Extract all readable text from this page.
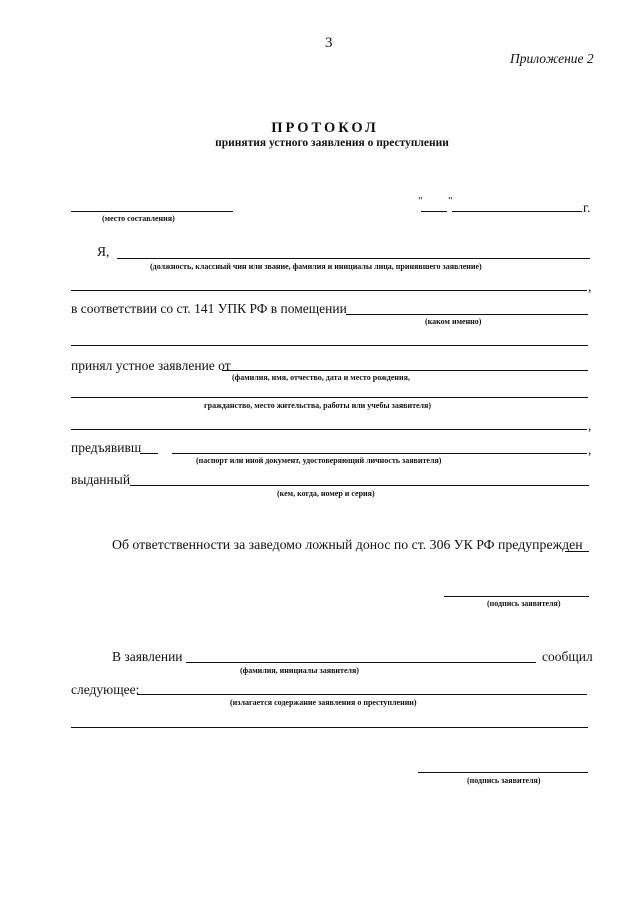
3
Приложение 2
ПРОТОКОЛ
принятия устного заявления о преступлении
(место составления)
" "	г.
Я,
(должность, классный чин или звание, фамилия и инициалы лица, принявшего заявление)
,
в соответствии со ст. 141 УПК РФ в помещении
(каком именно)
принял устное заявление от
(фамилия, имя, отчество, дата и место рождения,
гражданство, место жительства, работы или учебы заявителя)
,
предъявивш	,
(паспорт или иной документ, удостоверяющий личность заявителя)
выданный
(кем, когда, номер и серия)
Об ответственности за заведомо ложный донос по ст. 306 УК РФ предупрежден
(подпись заявителя)
В заявлении	сообщил
(фамилия, инициалы заявителя)
следующее:
(излагается содержание заявления о преступлении)
(подпись заявителя)
